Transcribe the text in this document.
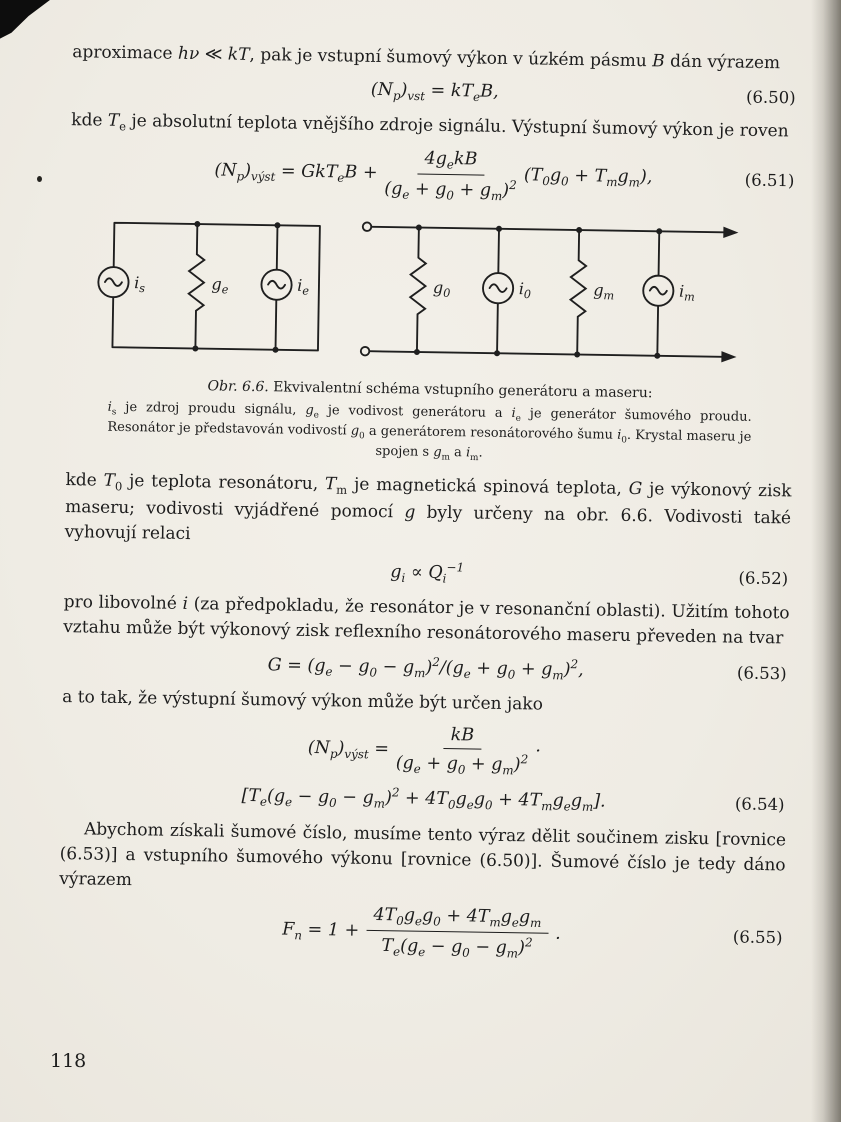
aproximace hν ≪ kT, pak je vstupní šumový výkon v úzkém pásmu B dán výrazem

$(N_p)_{vst} = kT_eB$,	(6.50)

kde $T_e$ je absolutní teplota vnějšího zdroje signálu. Výstupní šumový výkon je roven

$(N_p)_{výst} = GkT_eB + \frac{4g_ekB}{(g_e + g_0 + g_m)^2} (T_0g_0 + T_mg_m)$,	(6.51)
$i_s$	$g_e$	$i_e$	$g_0$	$i_0$	$g_m$	$i_m$
Obr. 6.6. Ekvivalentní schéma vstupního generátoru a maseru:
$i_s$ je zdroj proudu signálu, $g_e$ je vodivost generátoru a $i_e$ je generátor šumového proudu. Resonátor je představován vodivostí $g_0$ a generátorem resonátorového šumu $i_0$. Krystal maseru je spojen s $g_m$ a $i_m$.

kde $T_0$ je teplota resonátoru, $T_m$ je magnetická spinová teplota, G je výkonový zisk maseru; vodivosti vyjádřené pomocí g byly určeny na obr. 6.6. Vodivosti také vyhovují relaci

$g_i \propto Q_i^{-1}$
(6.52)

pro libovolné i (za předpokladu, že resonátor je v resonanční oblasti). Užitím tohoto vztahu může být výkonový zisk reflexního resonátorového maseru převeden na tvar

$G = (g_e - g_0 - g_m)^2/(g_e + g_0 + g_m)^2$,	(6.53)

a to tak, že výstupní šumový výkon může být určen jako

$(N_p)_{výst} = \frac{kB}{(g_e + g_0 + g_m)^2}$ ·
$[T_e(g_e - g_0 - g_m)^2 + 4T_0g_eg_0 + 4T_mg_eg_m]$.	(6.54)

Abychom získali šumové číslo, musíme tento výraz dělit součinem zisku [rovnice (6.53)] a vstupního šumového výkonu [rovnice (6.50)]. Šumové číslo je tedy dáno výrazem

$F_n = 1 + \frac{4T_0g_eg_0 + 4T_mg_eg_m}{T_e(g_e - g_0 - g_m)^2}$ .	(6.55)
118
